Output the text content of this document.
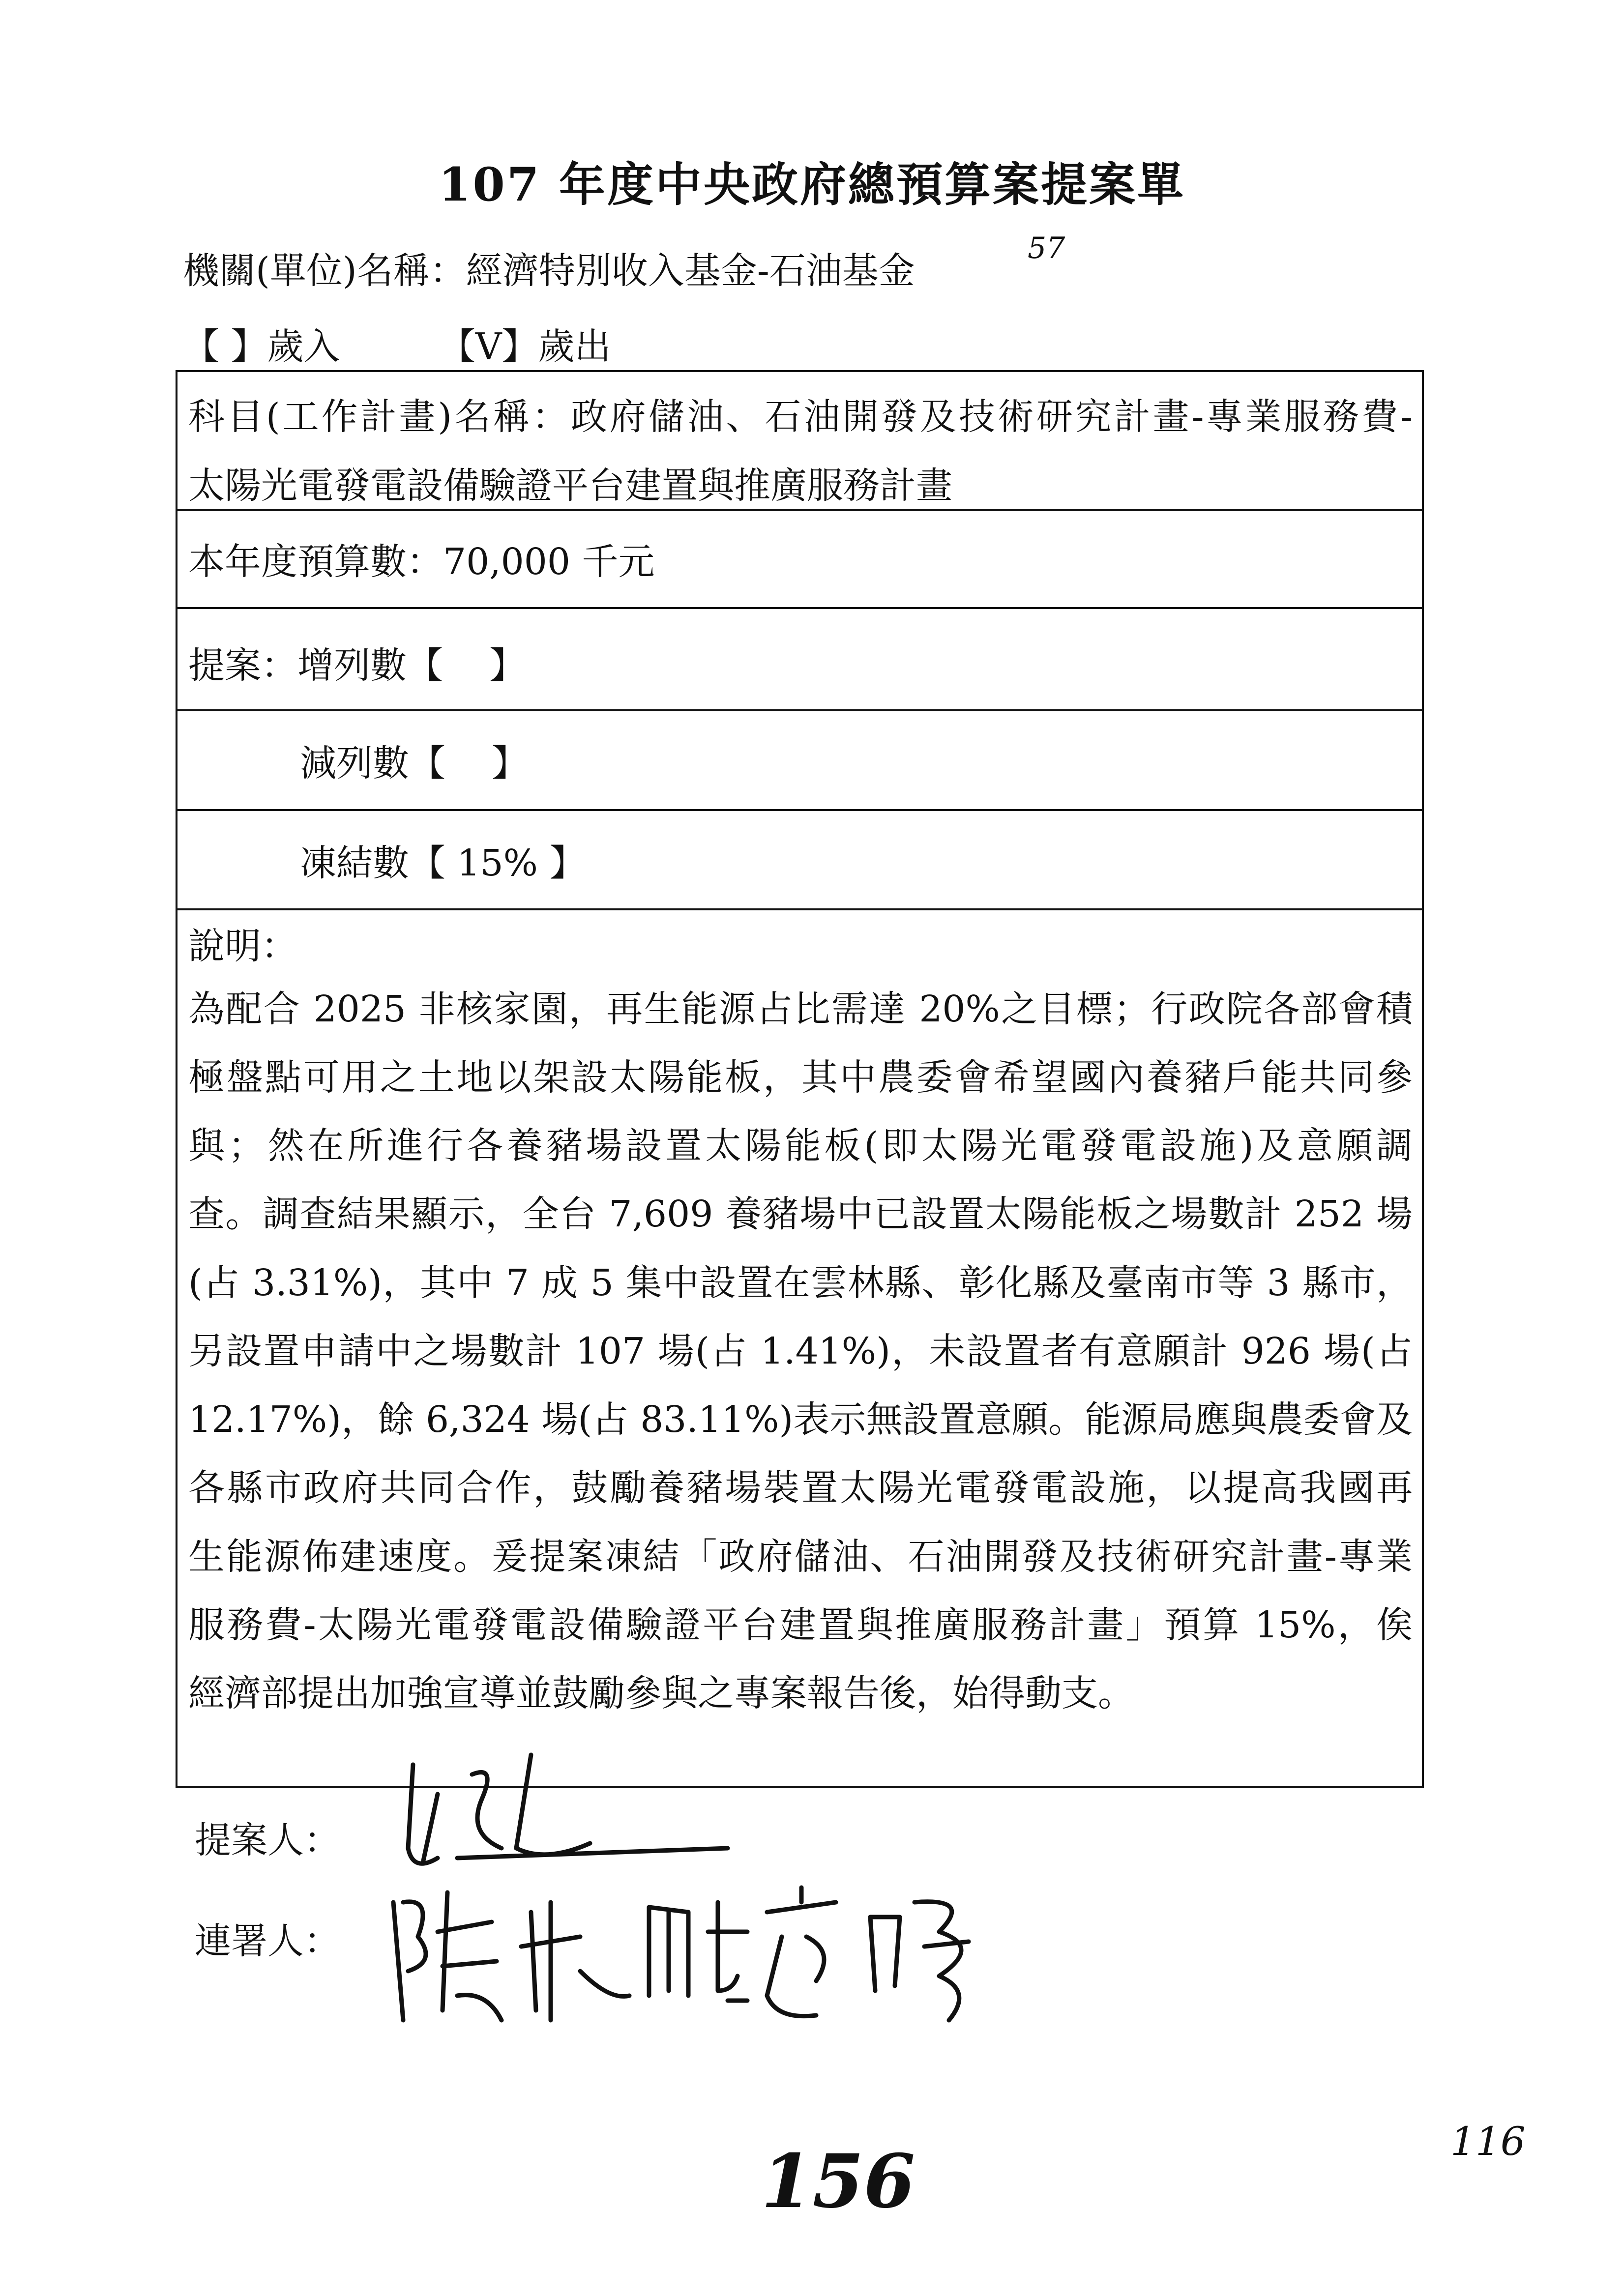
107 年度中央政府總預算案提案單
機關(單位)名稱：經濟特別收入基金-石油基金
57
【 】歲入	【V】歲出
科目(工作計畫)名稱：政府儲油、石油開發及技術研究計畫-專業服務費-
太陽光電發電設備驗證平台建置與推廣服務計畫
本年度預算數：70,000 千元
提案：增列數【    】
減列數【    】
凍結數【 15% 】
說明：
為配合 2025 非核家園，再生能源占比需達 20%之目標；行政院各部會積
極盤點可用之土地以架設太陽能板，其中農委會希望國內養豬戶能共同參
與；然在所進行各養豬場設置太陽能板(即太陽光電發電設施)及意願調
查。調查結果顯示，全台 7,609 養豬場中已設置太陽能板之場數計 252 場
(占 3.31%)，其中 7 成 5 集中設置在雲林縣、彰化縣及臺南市等 3 縣市，
另設置申請中之場數計 107 場(占 1.41%)，未設置者有意願計 926 場(占
12.17%)，餘 6,324 場(占 83.11%)表示無設置意願。能源局應與農委會及
各縣市政府共同合作，鼓勵養豬場裝置太陽光電發電設施，以提高我國再
生能源佈建速度。爰提案凍結「政府儲油、石油開發及技術研究計畫-專業
服務費-太陽光電發電設備驗證平台建置與推廣服務計畫」預算 15%，俟
經濟部提出加強宣導並鼓勵參與之專案報告後，始得動支。
提案人：
連署人：
156	116
